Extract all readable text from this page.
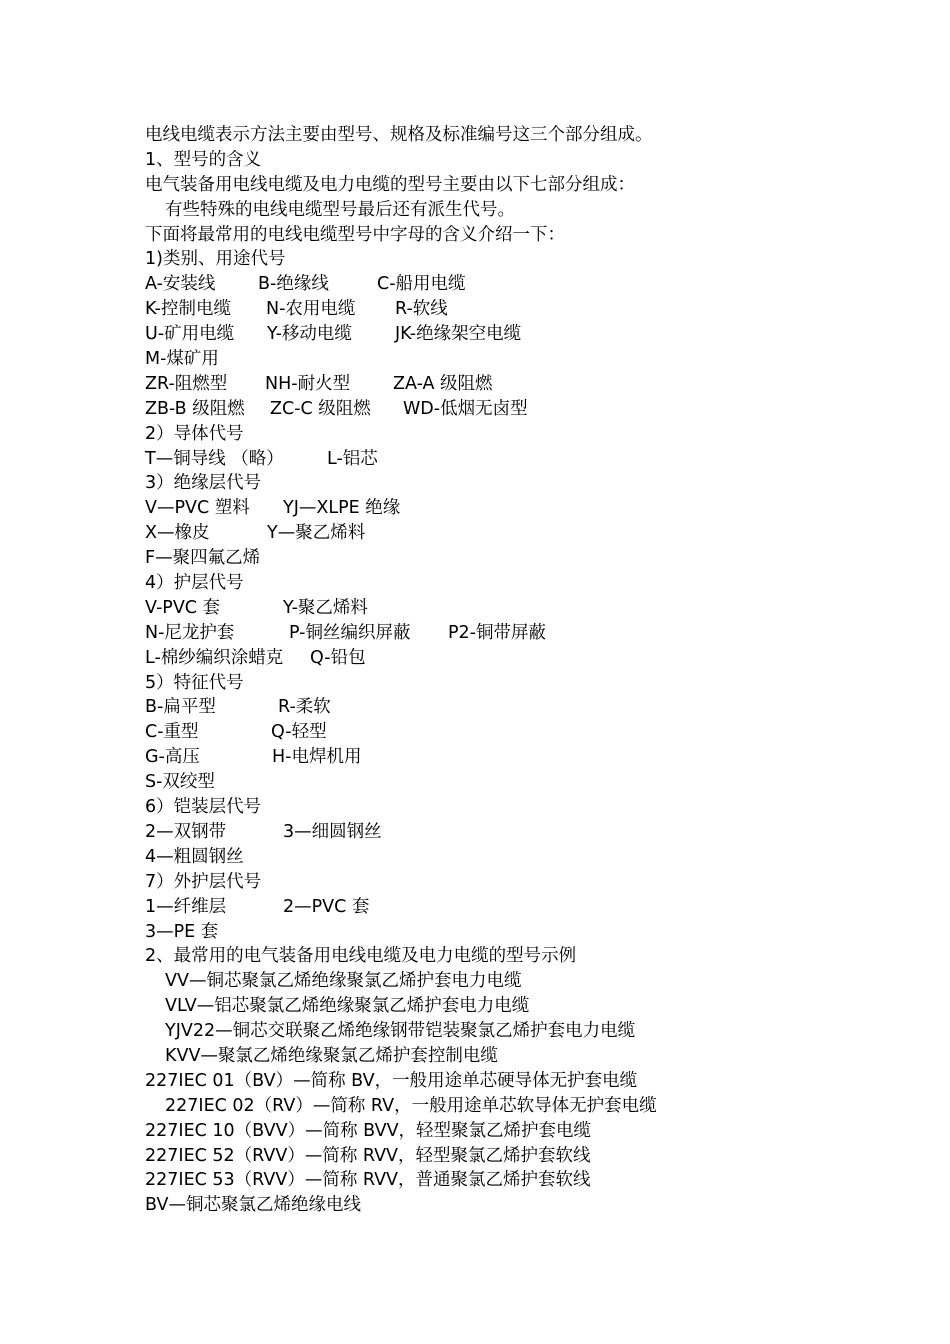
电线电缆表示方法主要由型号、规格及标准编号这三个部分组成。
1、型号的含义
电气装备用电线电缆及电力电缆的型号主要由以下七部分组成：
有些特殊的电线电缆型号最后还有派生代号。
下面将最常用的电线电缆型号中字母的含义介绍一下：
1)类别、用途代号
A-安装线 B-绝缘线	C-船用电缆
K-控制电缆 N-农用电缆 R-软线
U-矿用电缆 Y-移动电缆 JK-绝缘架空电缆
M-煤矿用
ZR-阻燃型 NH-耐火型 ZA-A 级阻燃
ZB-B 级阻燃 ZC-C 级阻燃 WD-低烟无卤型
2）导体代号
T—铜导线 （略） L-铝芯
3）绝缘层代号
V—PVC 塑料 YJ—XLPE 绝缘
X—橡皮	Y—聚乙烯料
F—聚四氟乙烯
4）护层代号
V-PVC 套	Y-聚乙烯料
N-尼龙护套	P-铜丝编织屏蔽 P2-铜带屏蔽
L-棉纱编织涂蜡克 Q-铅包
5）特征代号
B-扁平型	R-柔软
C-重型	Q-轻型
G-高压	H-电焊机用
S-双绞型
6）铠装层代号
2—双钢带	3—细圆钢丝
4—粗圆钢丝
7）外护层代号
1—纤维层	2—PVC 套
3—PE 套
2、最常用的电气装备用电线电缆及电力电缆的型号示例
VV—铜芯聚氯乙烯绝缘聚氯乙烯护套电力电缆
VLV—铝芯聚氯乙烯绝缘聚氯乙烯护套电力电缆
YJV22—铜芯交联聚乙烯绝缘钢带铠装聚氯乙烯护套电力电缆
KVV—聚氯乙烯绝缘聚氯乙烯护套控制电缆
227IEC 01（BV）—简称 BV，一般用途单芯硬导体无护套电缆
227IEC 02（RV）—简称 RV，一般用途单芯软导体无护套电缆
227IEC 10（BVV）—简称 BVV，轻型聚氯乙烯护套电缆
227IEC 52（RVV）—简称 RVV，轻型聚氯乙烯护套软线
227IEC 53（RVV）—简称 RVV，普通聚氯乙烯护套软线
BV—铜芯聚氯乙烯绝缘电线
